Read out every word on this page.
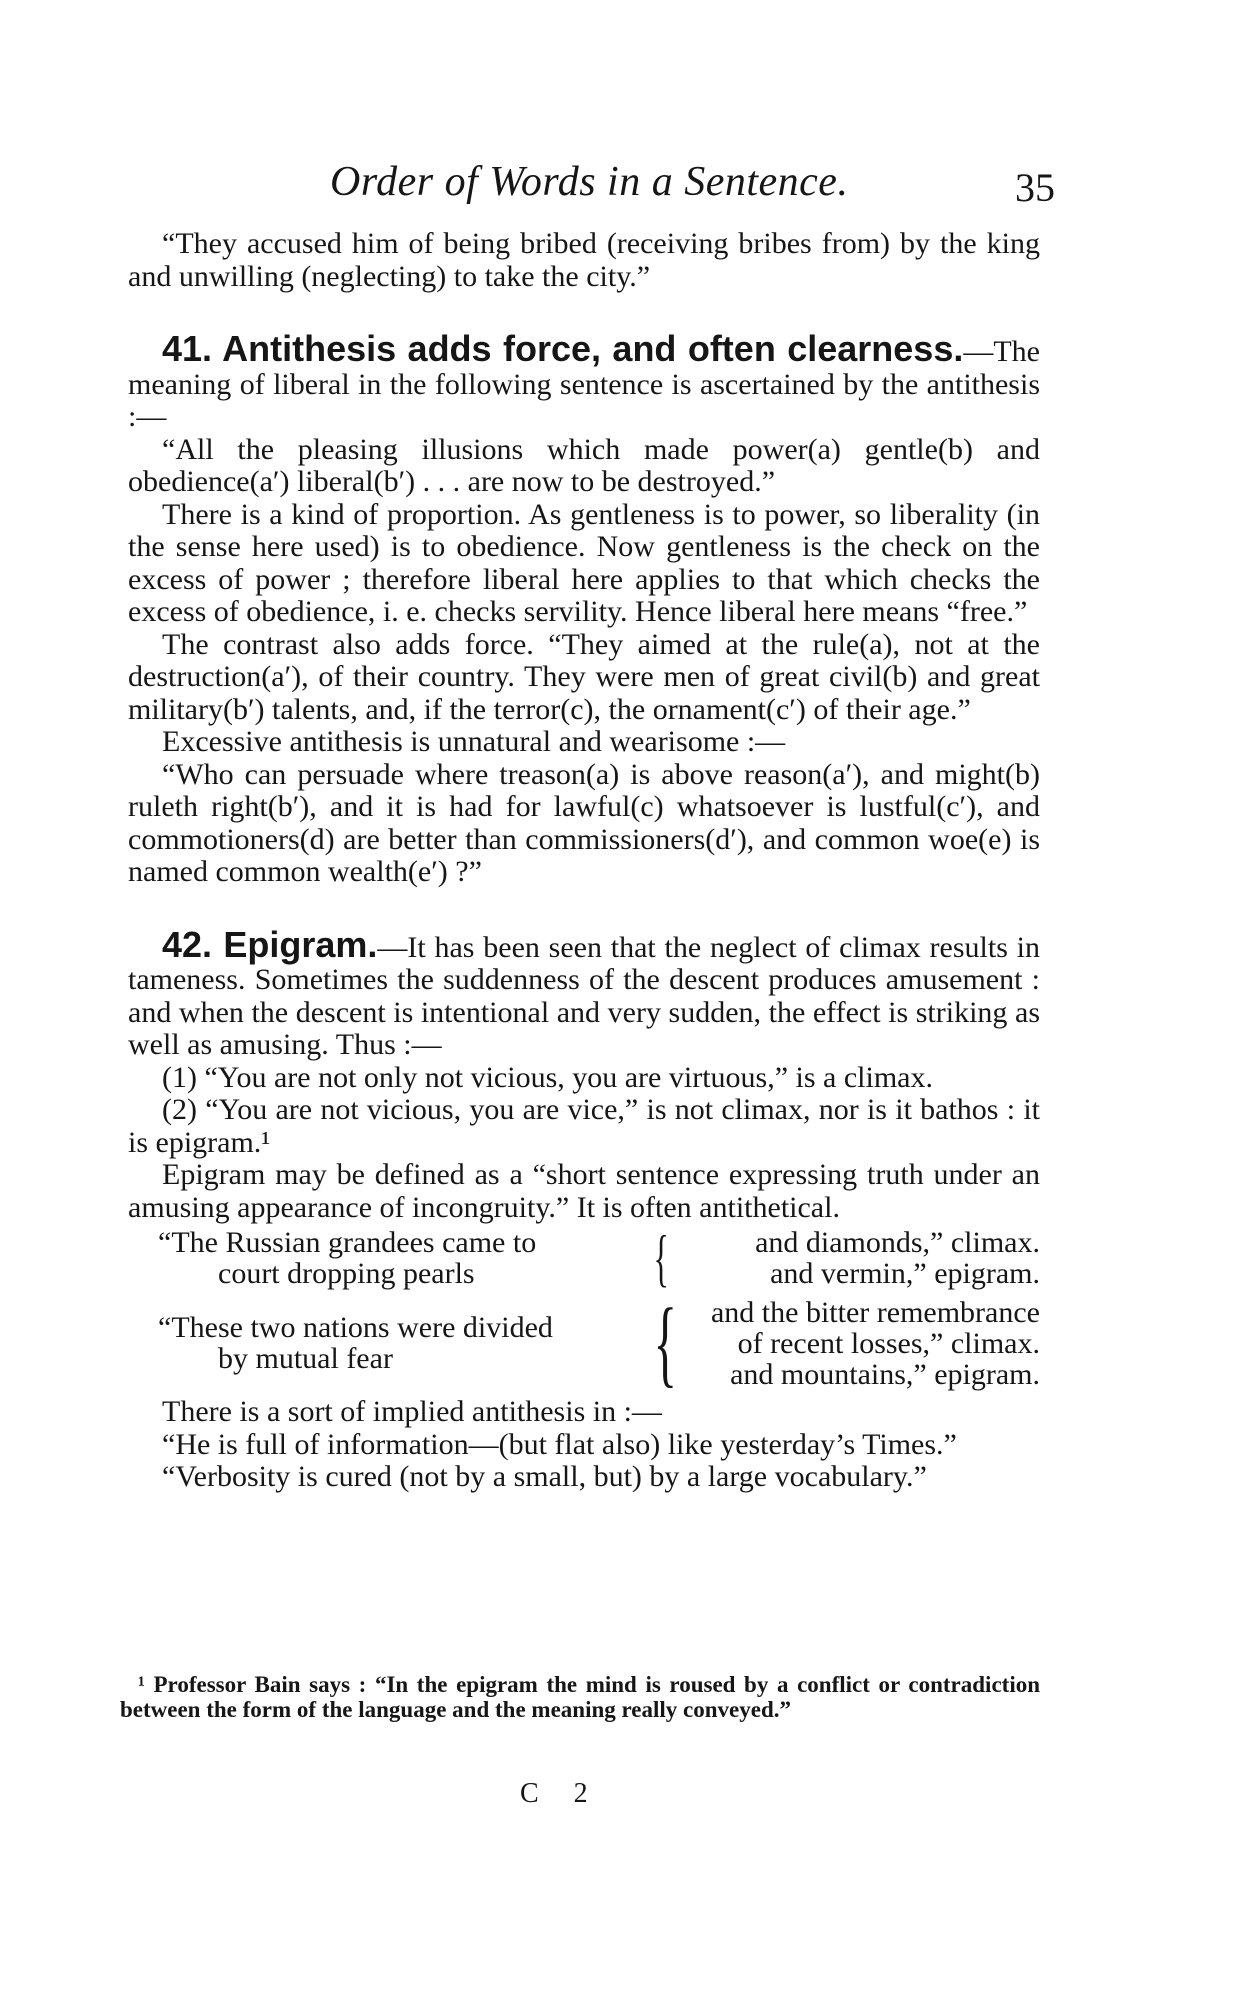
Order of Words in a Sentence.	35

“They accused him of being bribed (receiving bribes from) by the king and unwilling (neglecting) to take the city.”

41. Antithesis adds force, and often clearness.—The meaning of liberal in the following sentence is ascertained by the antithesis :—

“All the pleasing illusions which made power(a) gentle(b) and obedience(a′) liberal(b′) . . . are now to be destroyed.”

There is a kind of proportion. As gentleness is to power, so liberality (in the sense here used) is to obedience. Now gentleness is the check on the excess of power ; therefore liberal here applies to that which checks the excess of obedience, i. e. checks servility. Hence liberal here means “free.”

The contrast also adds force. “They aimed at the rule(a), not at the destruction(a′), of their country. They were men of great civil(b) and great military(b′) talents, and, if the terror(c), the ornament(c′) of their age.”

Excessive antithesis is unnatural and wearisome :—

“Who can persuade where treason(a) is above reason(a′), and might(b) ruleth right(b′), and it is had for lawful(c) whatsoever is lustful(c′), and commotioners(d) are better than commissioners(d′), and common woe(e) is named common wealth(e′) ?”

42. Epigram.—It has been seen that the neglect of climax results in tameness. Sometimes the suddenness of the descent produces amusement : and when the descent is intentional and very sudden, the effect is striking as well as amusing. Thus :—

(1) “You are not only not vicious, you are virtuous,” is a climax.

(2) “You are not vicious, you are vice,” is not climax, nor is it bathos : it is epigram.¹

Epigram may be defined as a “short sentence expressing truth under an amusing appearance of incongruity.” It is often antithetical.

“The Russian grandees came to
court dropping pearls	{	and diamonds,” climax.
and vermin,” epigram.
“These two nations were divided
by mutual fear	{	and the bitter remembrance
of recent losses,” climax.
and mountains,” epigram.

There is a sort of implied antithesis in :—

“He is full of information—(but flat also) like yesterday’s Times.”

“Verbosity is cured (not by a small, but) by a large vocabulary.”

¹ Professor Bain says : “In the epigram the mind is roused by a conflict or contradiction between the form of the language and the meaning really conveyed.”

C 2
